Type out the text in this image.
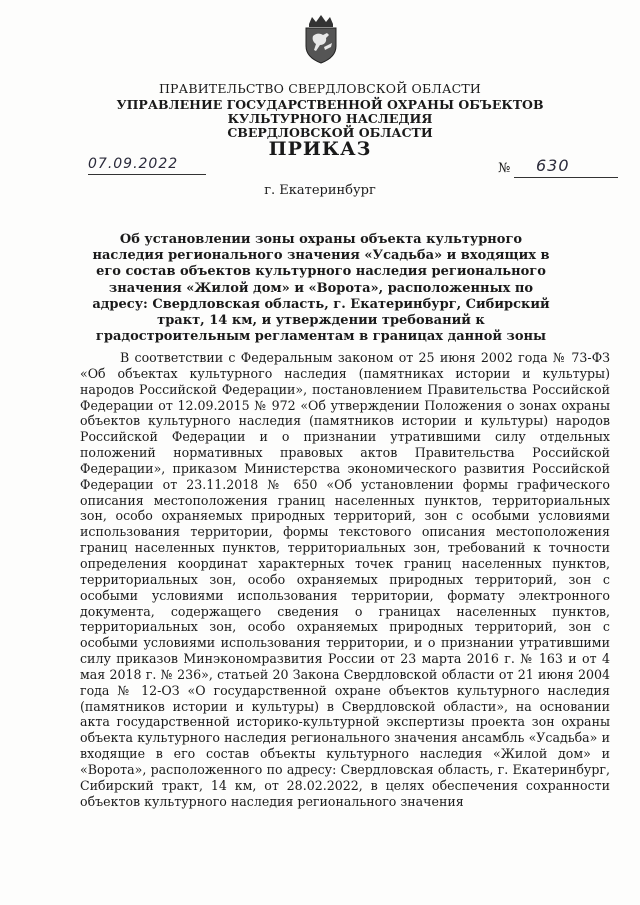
ПРАВИТЕЛЬСТВО СВЕРДЛОВСКОЙ ОБЛАСТИ
УПРАВЛЕНИЕ ГОСУДАРСТВЕННОЙ ОХРАНЫ ОБЪЕКТОВ КУЛЬТУРНОГО НАСЛЕДИЯ
СВЕРДЛОВСКОЙ ОБЛАСТИ
ПРИКАЗ
07.09.2022	№ 630
г. Екатеринбург
Об установлении зоны охраны объекта культурного наследия регионального значения «Усадьба» и входящих в его состав объектов культурного наследия регионального значения «Жилой дом» и «Ворота», расположенных по адресу: Свердловская область, г. Екатеринбург, Сибирский тракт, 14 км, и утверждении требований к градостроительным регламентам в границах данной зоны
В соответствии с Федеральным законом от 25 июня 2002 года № 73-ФЗ «Об объектах культурного наследия (памятниках истории и культуры) народов Российской Федерации», постановлением Правительства Российской Федерации от 12.09.2015 № 972 «Об утверждении Положения о зонах охраны объектов культурного наследия (памятников истории и культуры) народов Российской Федерации и о признании утратившими силу отдельных положений нормативных правовых актов Правительства Российской Федерации», приказом Министерства экономического развития Российской Федерации от 23.11.2018 № 650 «Об установлении формы графического описания местоположения границ населенных пунктов, территориальных зон, особо охраняемых природных территорий, зон с особыми условиями использования территории, формы текстового описания местоположения границ населенных пунктов, территориальных зон, требований к точности определения координат характерных точек границ населенных пунктов, территориальных зон, особо охраняемых природных территорий, зон с особыми условиями использования территории, формату электронного документа, содержащего сведения о границах населенных пунктов, территориальных зон, особо охраняемых природных территорий, зон с особыми условиями использования территории, и о признании утратившими силу приказов Минэкономразвития России от 23 марта 2016 г. № 163 и от 4 мая 2018 г. № 236», статьей 20 Закона Свердловской области от 21 июня 2004 года № 12-ОЗ «О государственной охране объектов культурного наследия (памятников истории и культуры) в Свердловской области», на основании акта государственной историко-культурной экспертизы проекта зон охраны объекта культурного наследия регионального значения ансамбль «Усадьба» и входящие в его состав объекты культурного наследия «Жилой дом» и «Ворота», расположенного по адресу: Свердловская область, г. Екатеринбург, Сибирский тракт, 14 км, от 28.02.2022, в целях обеспечения сохранности объектов культурного наследия регионального значения
